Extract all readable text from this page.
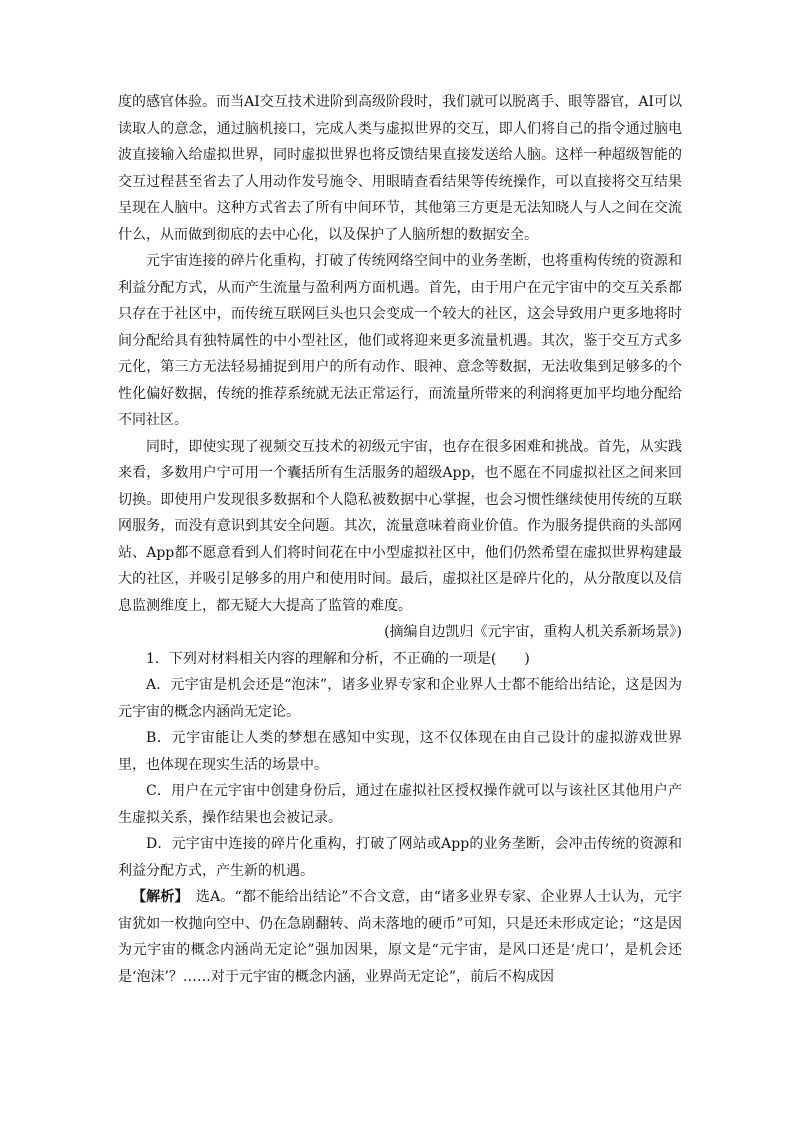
度的感官体验。而当AI交互技术进阶到高级阶段时，我们就可以脱离手、眼等器官，AI可以读取人的意念，通过脑机接口，完成人类与虚拟世界的交互，即人们将自己的指令通过脑电波直接输入给虚拟世界，同时虚拟世界也将反馈结果直接发送给人脑。这样一种超级智能的交互过程甚至省去了人用动作发号施令、用眼睛查看结果等传统操作，可以直接将交互结果呈现在人脑中。这种方式省去了所有中间环节，其他第三方更是无法知晓人与人之间在交流什么，从而做到彻底的去中心化，以及保护了人脑所想的数据安全。

元宇宙连接的碎片化重构，打破了传统网络空间中的业务垄断，也将重构传统的资源和利益分配方式，从而产生流量与盈利两方面机遇。首先，由于用户在元宇宙中的交互关系都只存在于社区中，而传统互联网巨头也只会变成一个较大的社区，这会导致用户更多地将时间分配给具有独特属性的中小型社区，他们或将迎来更多流量机遇。其次，鉴于交互方式多元化，第三方无法轻易捕捉到用户的所有动作、眼神、意念等数据，无法收集到足够多的个性化偏好数据，传统的推荐系统就无法正常运行，而流量所带来的利润将更加平均地分配给不同社区。

同时，即使实现了视频交互技术的初级元宇宙，也存在很多困难和挑战。首先，从实践来看，多数用户宁可用一个囊括所有生活服务的超级App，也不愿在不同虚拟社区之间来回切换。即使用户发现很多数据和个人隐私被数据中心掌握，也会习惯性继续使用传统的互联网服务，而没有意识到其安全问题。其次，流量意味着商业价值。作为服务提供商的头部网站、App都不愿意看到人们将时间花在中小型虚拟社区中，他们仍然希望在虚拟世界构建最大的社区，并吸引足够多的用户和使用时间。最后，虚拟社区是碎片化的，从分散度以及信息监测维度上，都无疑大大提高了监管的难度。

(摘编自边凯归《元宇宙，重构人机关系新场景》)

1．下列对材料相关内容的理解和分析，不正确的一项是(　　)

A．元宇宙是机会还是“泡沫”，诸多业界专家和企业界人士都不能给出结论，这是因为元宇宙的概念内涵尚无定论。

B．元宇宙能让人类的梦想在感知中实现，这不仅体现在由自己设计的虚拟游戏世界里，也体现在现实生活的场景中。

C．用户在元宇宙中创建身份后，通过在虚拟社区授权操作就可以与该社区其他用户产生虚拟关系，操作结果也会被记录。

D．元宇宙中连接的碎片化重构，打破了网站或App的业务垄断，会冲击传统的资源和利益分配方式，产生新的机遇。

【解析】　选A。“都不能给出结论”不合文意，由“诸多业界专家、企业界人士认为，元宇宙犹如一枚抛向空中、仍在急剧翻转、尚未落地的硬币”可知，只是还未形成定论；“这是因为元宇宙的概念内涵尚无定论”强加因果，原文是“元宇宙，是风口还是‘虎口’，是机会还是‘泡沫’？……对于元宇宙的概念内涵，业界尚无定论”，前后不构成因
